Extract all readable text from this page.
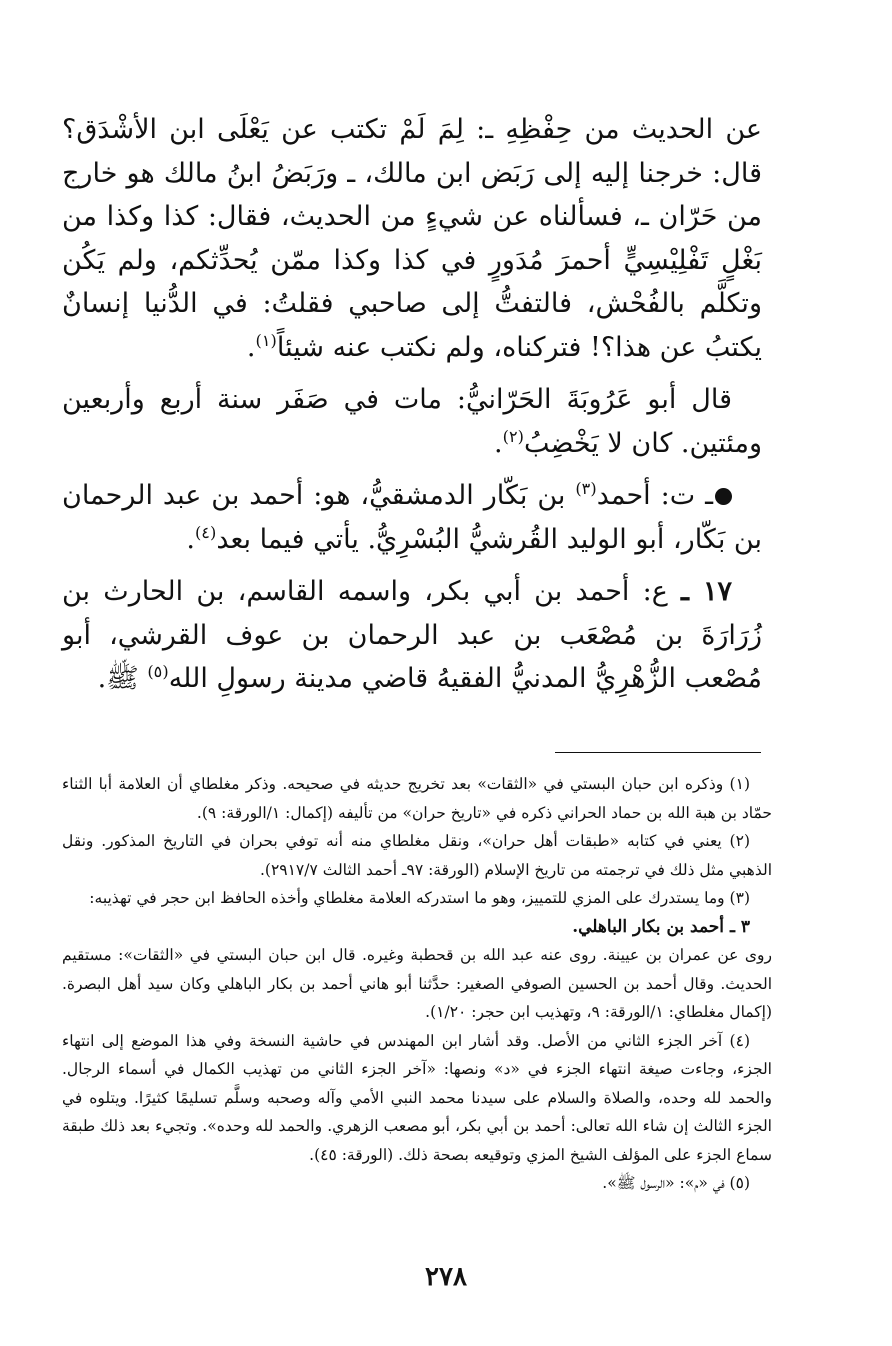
عن الحديث من حِفْظِهِ ـ: لِمَ لَمْ تكتب عن يَعْلَى ابن الأشْدَق؟ قال: خرجنا إليه إلى رَبَض ابن مالك، ـ ورَبَضُ ابنُ مالك هو خارج من حَرّان ـ، فسألناه عن شيءٍ من الحديث، فقال: كذا وكذا من بَغْلٍ تَفْلِيْسِيٍّ أحمرَ مُدَورٍ في كذا وكذا ممّن يُحدِّثكم، ولم يَكُن وتكلَّم بالفُحْش، فالتفتُّ إلى صاحبي فقلتُ: في الدُّنيا إنسانٌ يكتبُ عن هذا؟! فتركناه، ولم نكتب عنه شيئاً$^{(١)}$.

قال أبو عَرُوبَةَ الحَرّانيُّ: مات في صَفَر سنة أربع وأربعين ومئتين. كان لا يَخْضِبُ$^{(٢)}$.

ـ ت: أحمد$^{(٣)}$ بن بَكّار الدمشقيُّ، هو: أحمد بن عبد الرحمان بن بَكّار، أبو الوليد القُرشيُّ البُسْرِيُّ. يأتي فيما بعد$^{(٤)}$.

١٧ ـ ع: أحمد بن أبي بكر، واسمه القاسم، بن الحارث بن زُرَارَةَ بن مُصْعَب بن عبد الرحمان بن عوف القرشي، أبو مُصْعب الزُّهْرِيُّ المدنيُّ الفقيهُ قاضي مدينة رسولِ الله$^{(٥)}$ ﷺ.

(١) وذكره ابن حبان البستي في «الثقات» بعد تخريج حديثه في صحيحه. وذكر مغلطاي أن العلامة أبا الثناء حمّاد بن هبة الله بن حماد الحراني ذكره في «تاريخ حران» من تأليفه (إكمال: ١/الورقة: ٩).

(٢) يعني في كتابه «طبقات أهل حران»، ونقل مغلطاي منه أنه توفي بحران في التاريخ المذكور. ونقل الذهبي مثل ذلك في ترجمته من تاريخ الإسلام (الورقة: ٩٧ـ أحمد الثالث ٢٩١٧/٧).

(٣) وما يستدرك على المزي للتمييز، وهو ما استدركه العلامة مغلطاي وأخذه الحافظ ابن حجر في تهذيبه:

٣ ـ أحمد بن بكار الباهلي.

روى عن عمران بن عيينة. روى عنه عبد الله بن قحطبة وغيره. قال ابن حبان البستي في «الثقات»: مستقيم الحديث. وقال أحمد بن الحسين الصوفي الصغير: حدَّثنا أبو هاني أحمد بن بكار الباهلي وكان سيد أهل البصرة. (إكمال مغلطاي: ١/الورقة: ٩، وتهذيب ابن حجر: ١/٢٠).

(٤) آخر الجزء الثاني من الأصل. وقد أشار ابن المهندس في حاشية النسخة وفي هذا الموضع إلى انتهاء الجزء، وجاءت صيغة انتهاء الجزء في «د» ونصها: «آخر الجزء الثاني من تهذيب الكمال في أسماء الرجال. والحمد لله وحده، والصلاة والسلام على سيدنا محمد النبي الأمي وآله وصحبه وسلَّم تسليمًا كثيرًا. ويتلوه في الجزء الثالث إن شاء الله تعالى: أحمد بن أبي بكر، أبو مصعب الزهري. والحمد لله وحده». وتجيء بعد ذلك طبقة سماع الجزء على المؤلف الشيخ المزي وتوقيعه بصحة ذلك. (الورقة: ٤٥).

(٥) في «م»: «الرسول ﷺ».

٢٧٨
